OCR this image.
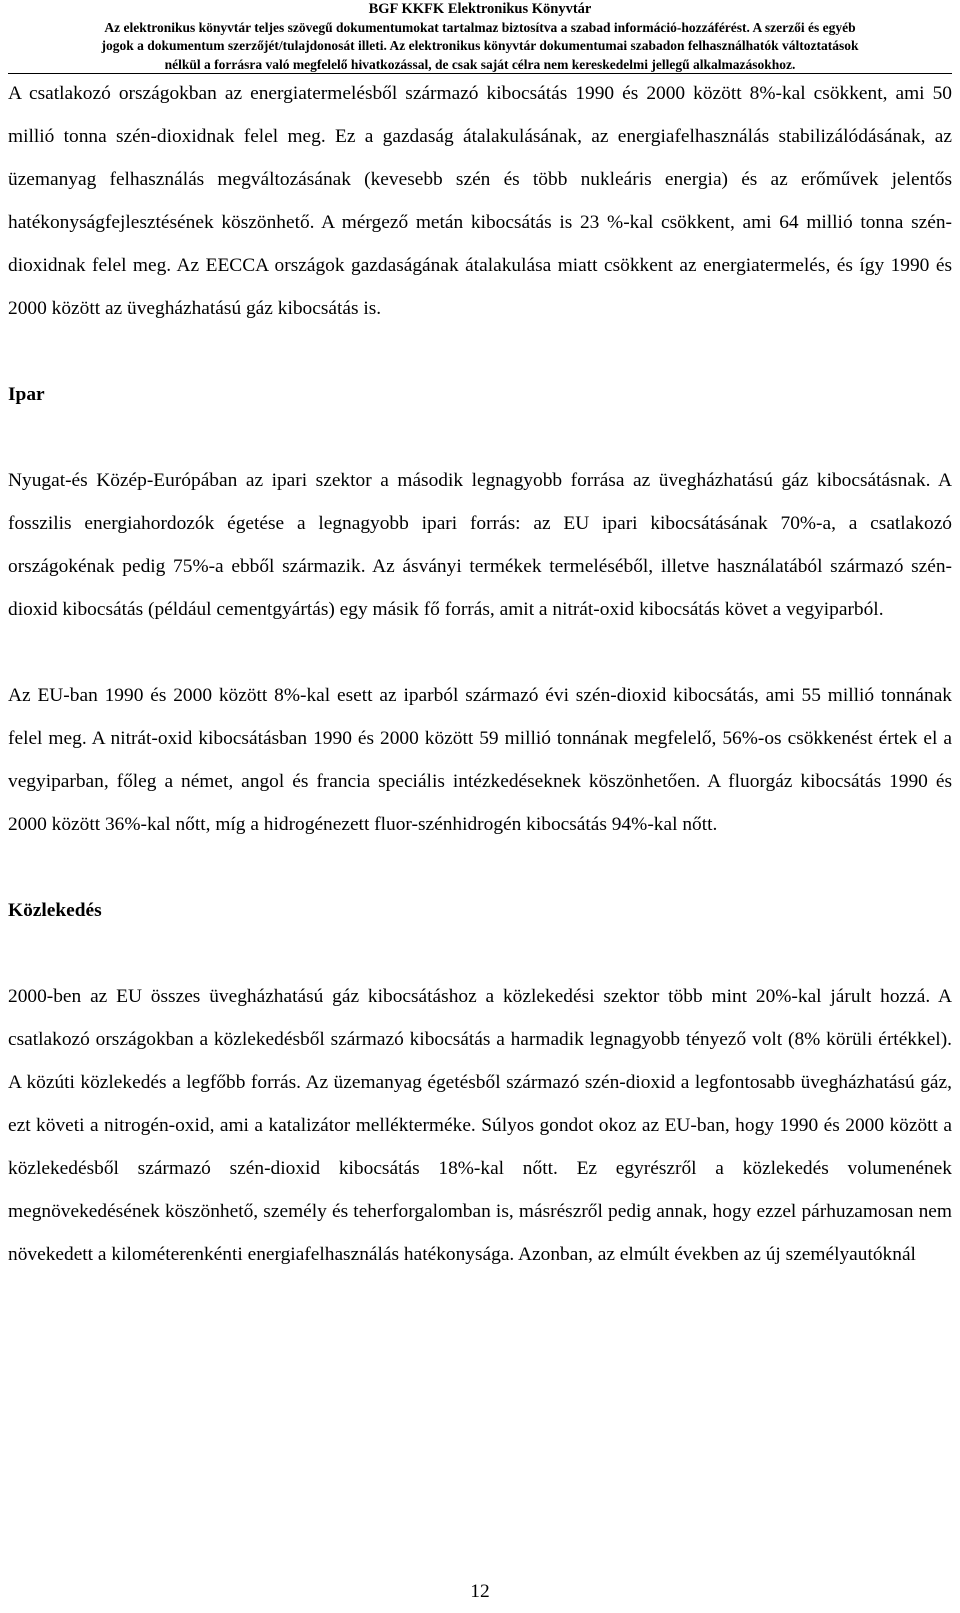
BGF KKFK Elektronikus Könyvtár
Az elektronikus könyvtár teljes szövegű dokumentumokat tartalmaz biztosítva a szabad információ-hozzáférést. A szerzői és egyéb
jogok a dokumentum szerzőjét/tulajdonosát illeti. Az elektronikus könyvtár dokumentumai szabadon felhasználhatók változtatások
nélkül a forrásra való megfelelő hivatkozással, de csak saját célra nem kereskedelmi jellegű alkalmazásokhoz.

A csatlakozó országokban az energiatermelésből származó kibocsátás 1990 és 2000 között 8%-kal csökkent, ami 50 millió tonna szén-dioxidnak felel meg. Ez a gazdaság átalakulásának, az energiafelhasználás stabilizálódásának, az üzemanyag felhasználás megváltozásának (kevesebb szén és több nukleáris energia) és az erőművek jelentős hatékonyságfejlesztésének köszönhető. A mérgező metán kibocsátás is 23 %-kal csökkent, ami 64 millió tonna szén-dioxidnak felel meg. Az EECCA országok gazdaságának átalakulása miatt csökkent az energiatermelés, és így 1990 és 2000 között az üvegházhatású gáz kibocsátás is.

Ipar

Nyugat-és Közép-Európában az ipari szektor a második legnagyobb forrása az üvegházhatású gáz kibocsátásnak. A fosszilis energiahordozók égetése a legnagyobb ipari forrás: az EU ipari kibocsátásának 70%-a, a csatlakozó országokénak pedig 75%-a ebből származik. Az ásványi termékek termeléséből, illetve használatából származó szén-dioxid kibocsátás (például cementgyártás) egy másik fő forrás, amit a nitrát-oxid kibocsátás követ a vegyiparból.

Az EU-ban 1990 és 2000 között 8%-kal esett az iparból származó évi szén-dioxid kibocsátás, ami 55 millió tonnának felel meg. A nitrát-oxid kibocsátásban 1990 és 2000 között 59 millió tonnának megfelelő, 56%-os csökkenést értek el a vegyiparban, főleg a német, angol és francia speciális intézkedéseknek köszönhetően. A fluorgáz kibocsátás 1990 és 2000 között 36%-kal nőtt, míg a hidrogénezett fluor-szénhidrogén kibocsátás 94%-kal nőtt.

Közlekedés

2000-ben az EU összes üvegházhatású gáz kibocsátáshoz a közlekedési szektor több mint 20%-kal járult hozzá. A csatlakozó országokban a közlekedésből származó kibocsátás a harmadik legnagyobb tényező volt (8% körüli értékkel). A közúti közlekedés a legfőbb forrás. Az üzemanyag égetésből származó szén-dioxid a legfontosabb üvegházhatású gáz, ezt követi a nitrogén-oxid, ami a katalizátor mellékterméke. Súlyos gondot okoz az EU-ban, hogy 1990 és 2000 között a közlekedésből származó szén-dioxid kibocsátás 18%-kal nőtt. Ez egyrészről a közlekedés volumenének megnövekedésének köszönhető, személy és teherforgalomban is, másrészről pedig annak, hogy ezzel párhuzamosan nem növekedett a kilométerenkénti energiafelhasználás hatékonysága. Azonban, az elmúlt években az új személyautóknál

12
